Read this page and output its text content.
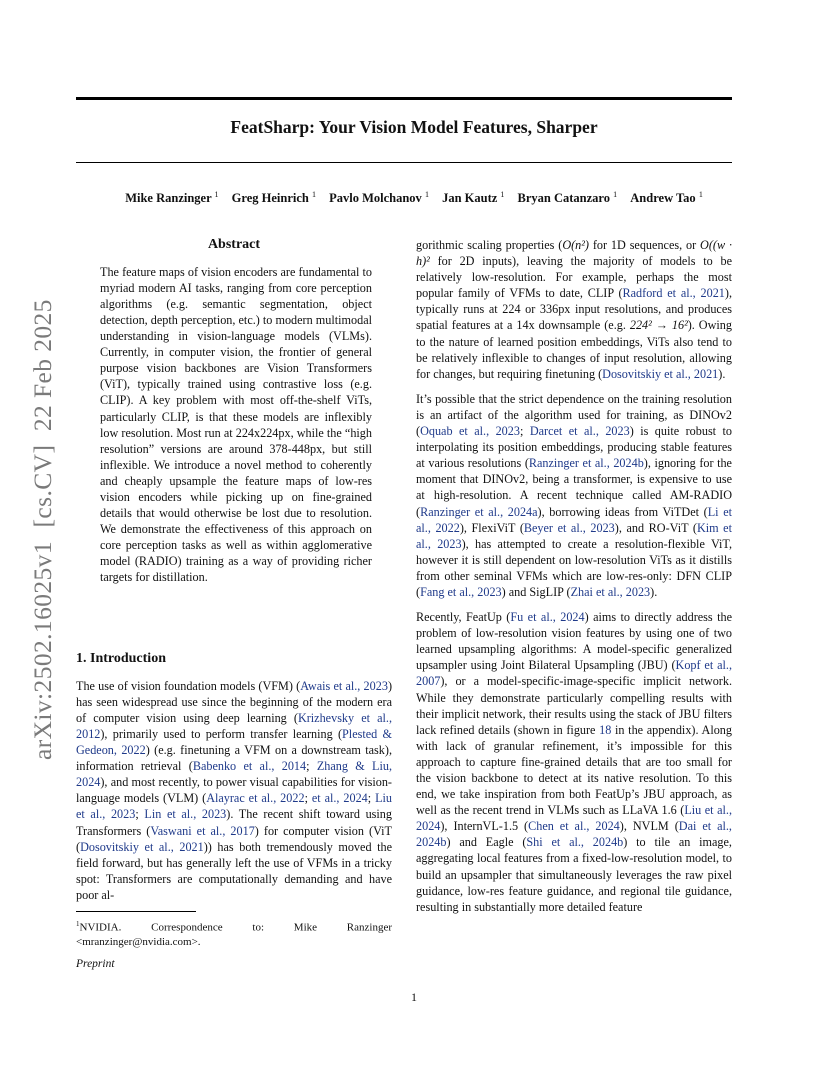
arXiv:2502.16025v1  [cs.CV]  22 Feb 2025
FeatSharp: Your Vision Model Features, Sharper
Mike Ranzinger $^1$ Greg Heinrich $^1$ Pavlo Molchanov $^1$ Jan Kautz $^1$ Bryan Catanzaro $^1$ Andrew Tao $^1$
Abstract

The feature maps of vision encoders are fundamental to myriad modern AI tasks, ranging from core perception algorithms (e.g. semantic segmentation, object detection, depth perception, etc.) to modern multimodal understanding in vision-language models (VLMs). Currently, in computer vision, the frontier of general purpose vision backbones are Vision Transformers (ViT), typically trained using contrastive loss (e.g. CLIP). A key problem with most off-the-shelf ViTs, particularly CLIP, is that these models are inflexibly low resolution. Most run at 224x224px, while the “high resolution” versions are around 378-448px, but still inflexible. We introduce a novel method to coherently and cheaply upsample the feature maps of low-res vision encoders while picking up on fine-grained details that would otherwise be lost due to resolution. We demonstrate the effectiveness of this approach on core perception tasks as well as within agglomerative model (RADIO) training as a way of providing richer targets for distillation.

1. Introduction

The use of vision foundation models (VFM) (Awais et al., 2023) has seen widespread use since the beginning of the modern era of computer vision using deep learning (Krizhevsky et al., 2012), primarily used to perform transfer learning (Plested & Gedeon, 2022) (e.g. finetuning a VFM on a downstream task), information retrieval (Babenko et al., 2014; Zhang & Liu, 2024), and most recently, to power visual capabilities for vision-language models (VLM) (Alayrac et al., 2022; et al., 2024; Liu et al., 2023; Lin et al., 2023). The recent shift toward using Transformers (Vaswani et al., 2017) for computer vision (ViT (Dosovitskiy et al., 2021)) has both tremendously moved the field forward, but has generally left the use of VFMs in a tricky spot: Transformers are computationally demanding and have poor al-

$^1$NVIDIA. Correspondence to: Mike Ranzinger <mranzinger@nvidia.com>.
Preprint

gorithmic scaling properties (O(n²) for 1D sequences, or O((w · h)² for 2D inputs), leaving the majority of models to be relatively low-resolution. For example, perhaps the most popular family of VFMs to date, CLIP (Radford et al., 2021), typically runs at 224 or 336px input resolutions, and produces spatial features at a 14x downsample (e.g. 224² → 16²). Owing to the nature of learned position embeddings, ViTs also tend to be relatively inflexible to changes of input resolution, allowing for changes, but requiring finetuning (Dosovitskiy et al., 2021).

It’s possible that the strict dependence on the training resolution is an artifact of the algorithm used for training, as DINOv2 (Oquab et al., 2023; Darcet et al., 2023) is quite robust to interpolating its position embeddings, producing stable features at various resolutions (Ranzinger et al., 2024b), ignoring for the moment that DINOv2, being a transformer, is expensive to use at high-resolution. A recent technique called AM-RADIO (Ranzinger et al., 2024a), borrowing ideas from ViTDet (Li et al., 2022), FlexiViT (Beyer et al., 2023), and RO-ViT (Kim et al., 2023), has attempted to create a resolution-flexible ViT, however it is still dependent on low-resolution ViTs as it distills from other seminal VFMs which are low-res-only: DFN CLIP (Fang et al., 2023) and SigLIP (Zhai et al., 2023).

Recently, FeatUp (Fu et al., 2024) aims to directly address the problem of low-resolution vision features by using one of two learned upsampling algorithms: A model-specific generalized upsampler using Joint Bilateral Upsampling (JBU) (Kopf et al., 2007), or a model-specific-image-specific implicit network. While they demonstrate particularly compelling results with their implicit network, their results using the stack of JBU filters lack refined details (shown in figure 18 in the appendix). Along with lack of granular refinement, it’s impossible for this approach to capture fine-grained details that are too small for the vision backbone to detect at its native resolution. To this end, we take inspiration from both FeatUp’s JBU approach, as well as the recent trend in VLMs such as LLaVA 1.6 (Liu et al., 2024), InternVL-1.5 (Chen et al., 2024), NVLM (Dai et al., 2024b) and Eagle (Shi et al., 2024b) to tile an image, aggregating local features from a fixed-low-resolution model, to build an upsampler that simultaneously leverages the raw pixel guidance, low-res feature guidance, and regional tile guidance, resulting in substantially more detailed feature

1
